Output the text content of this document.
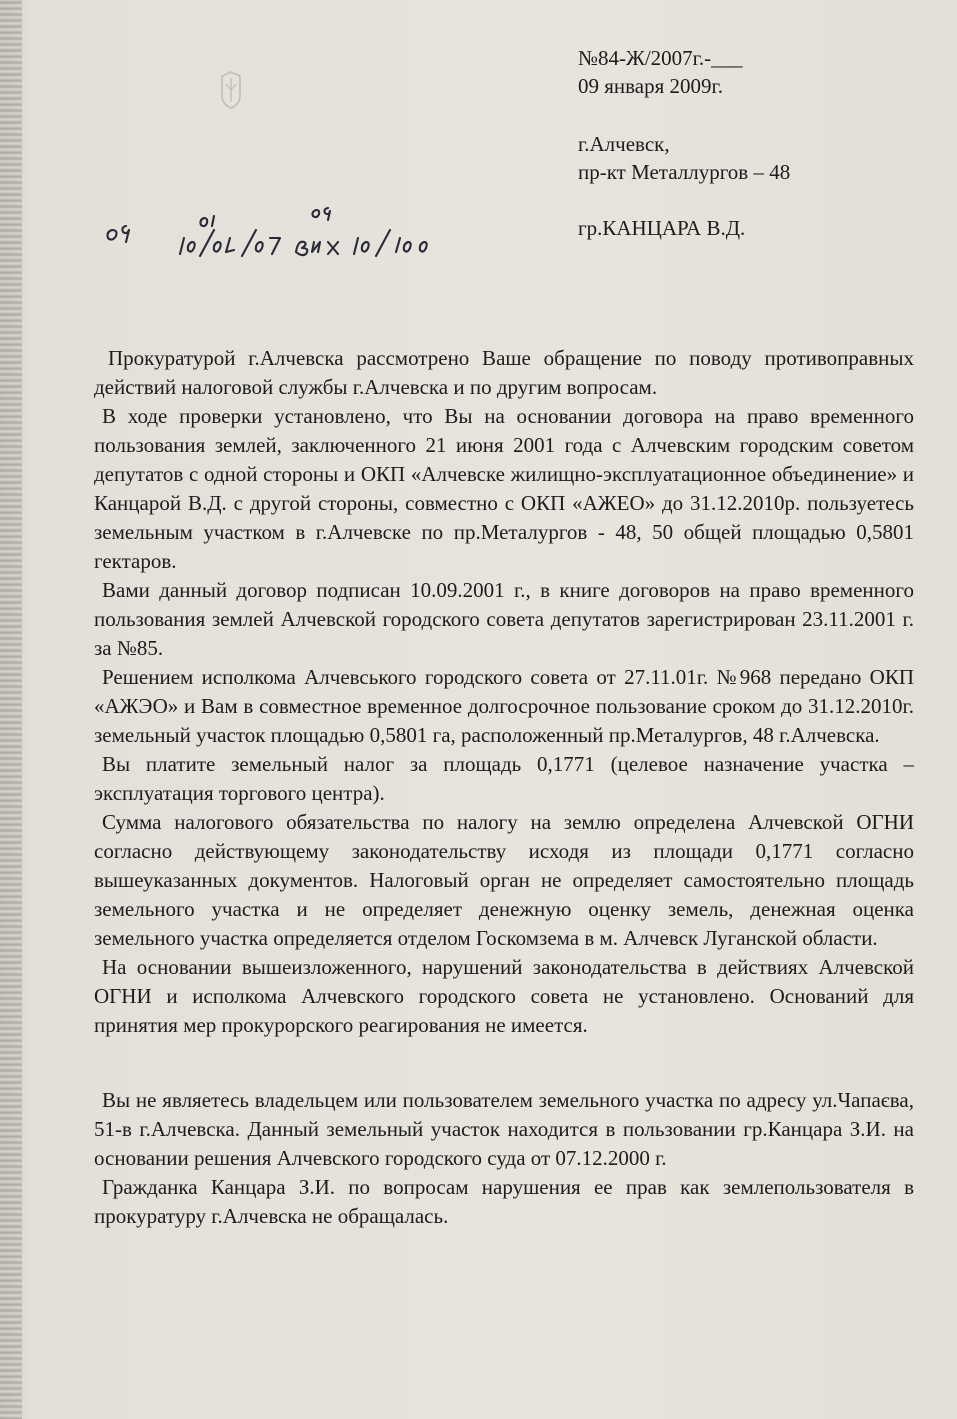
№84-Ж/2007г.-___
09 января 2009г.
г.Алчевск,
пр-кт Металлургов – 48
гр.КАНЦАРА В.Д.

Прокуратурой г.Алчевска рассмотрено Ваше обращение по поводу противоправных действий налоговой службы г.Алчевска и по другим вопросам.

В ходе проверки установлено, что Вы на основании договора на право временного пользования землей, заключенного 21 июня 2001 года с Алчевским городским советом депутатов с одной стороны и ОКП «Алчевске жилищно-эксплуатационное объединение» и Канцарой В.Д. с другой стороны, совместно с ОКП «АЖЕО» до 31.12.2010р. пользуетесь земельным участком в г.Алчевске по пр.Металургов - 48, 50 общей площадью 0,5801 гектаров.

Вами данный договор подписан 10.09.2001 г., в книге договоров на право временного пользования землей Алчевской городского совета депутатов зарегистрирован 23.11.2001 г. за №85.

Решением исполкома Алчевського городского совета от 27.11.01г. №968 передано ОКП «АЖЭО» и Вам в совместное временное долгосрочное пользование сроком до 31.12.2010г. земельный участок площадью 0,5801 га, расположенный пр.Металургов, 48 г.Алчевска.

Вы платите земельный налог за площадь 0,1771 (целевое назначение участка – эксплуатация торгового центра).

Сумма налогового обязательства по налогу на землю определена Алчевской ОГНИ согласно действующему законодательству исходя из площади 0,1771 согласно вышеуказанных документов. Налоговый орган не определяет самостоятельно площадь земельного участка и не определяет денежную оценку земель, денежная оценка земельного участка определяется отделом Госкомзема в м. Алчевск Луганской области.

На основании вышеизложенного, нарушений законодательства в действиях Алчевской ОГНИ и исполкома Алчевского городского совета не установлено. Оснований для принятия мер прокурорского реагирования не имеется.

Вы не являетесь владельцем или пользователем земельного участка по адресу ул.Чапаєва, 51-в г.Алчевска. Данный земельный участок находится в пользовании гр.Канцара З.И. на основании решения Алчевского городского суда от 07.12.2000 г.

Гражданка Канцара З.И. по вопросам нарушения ее прав как землепользователя в прокуратуру г.Алчевска не обращалась.
